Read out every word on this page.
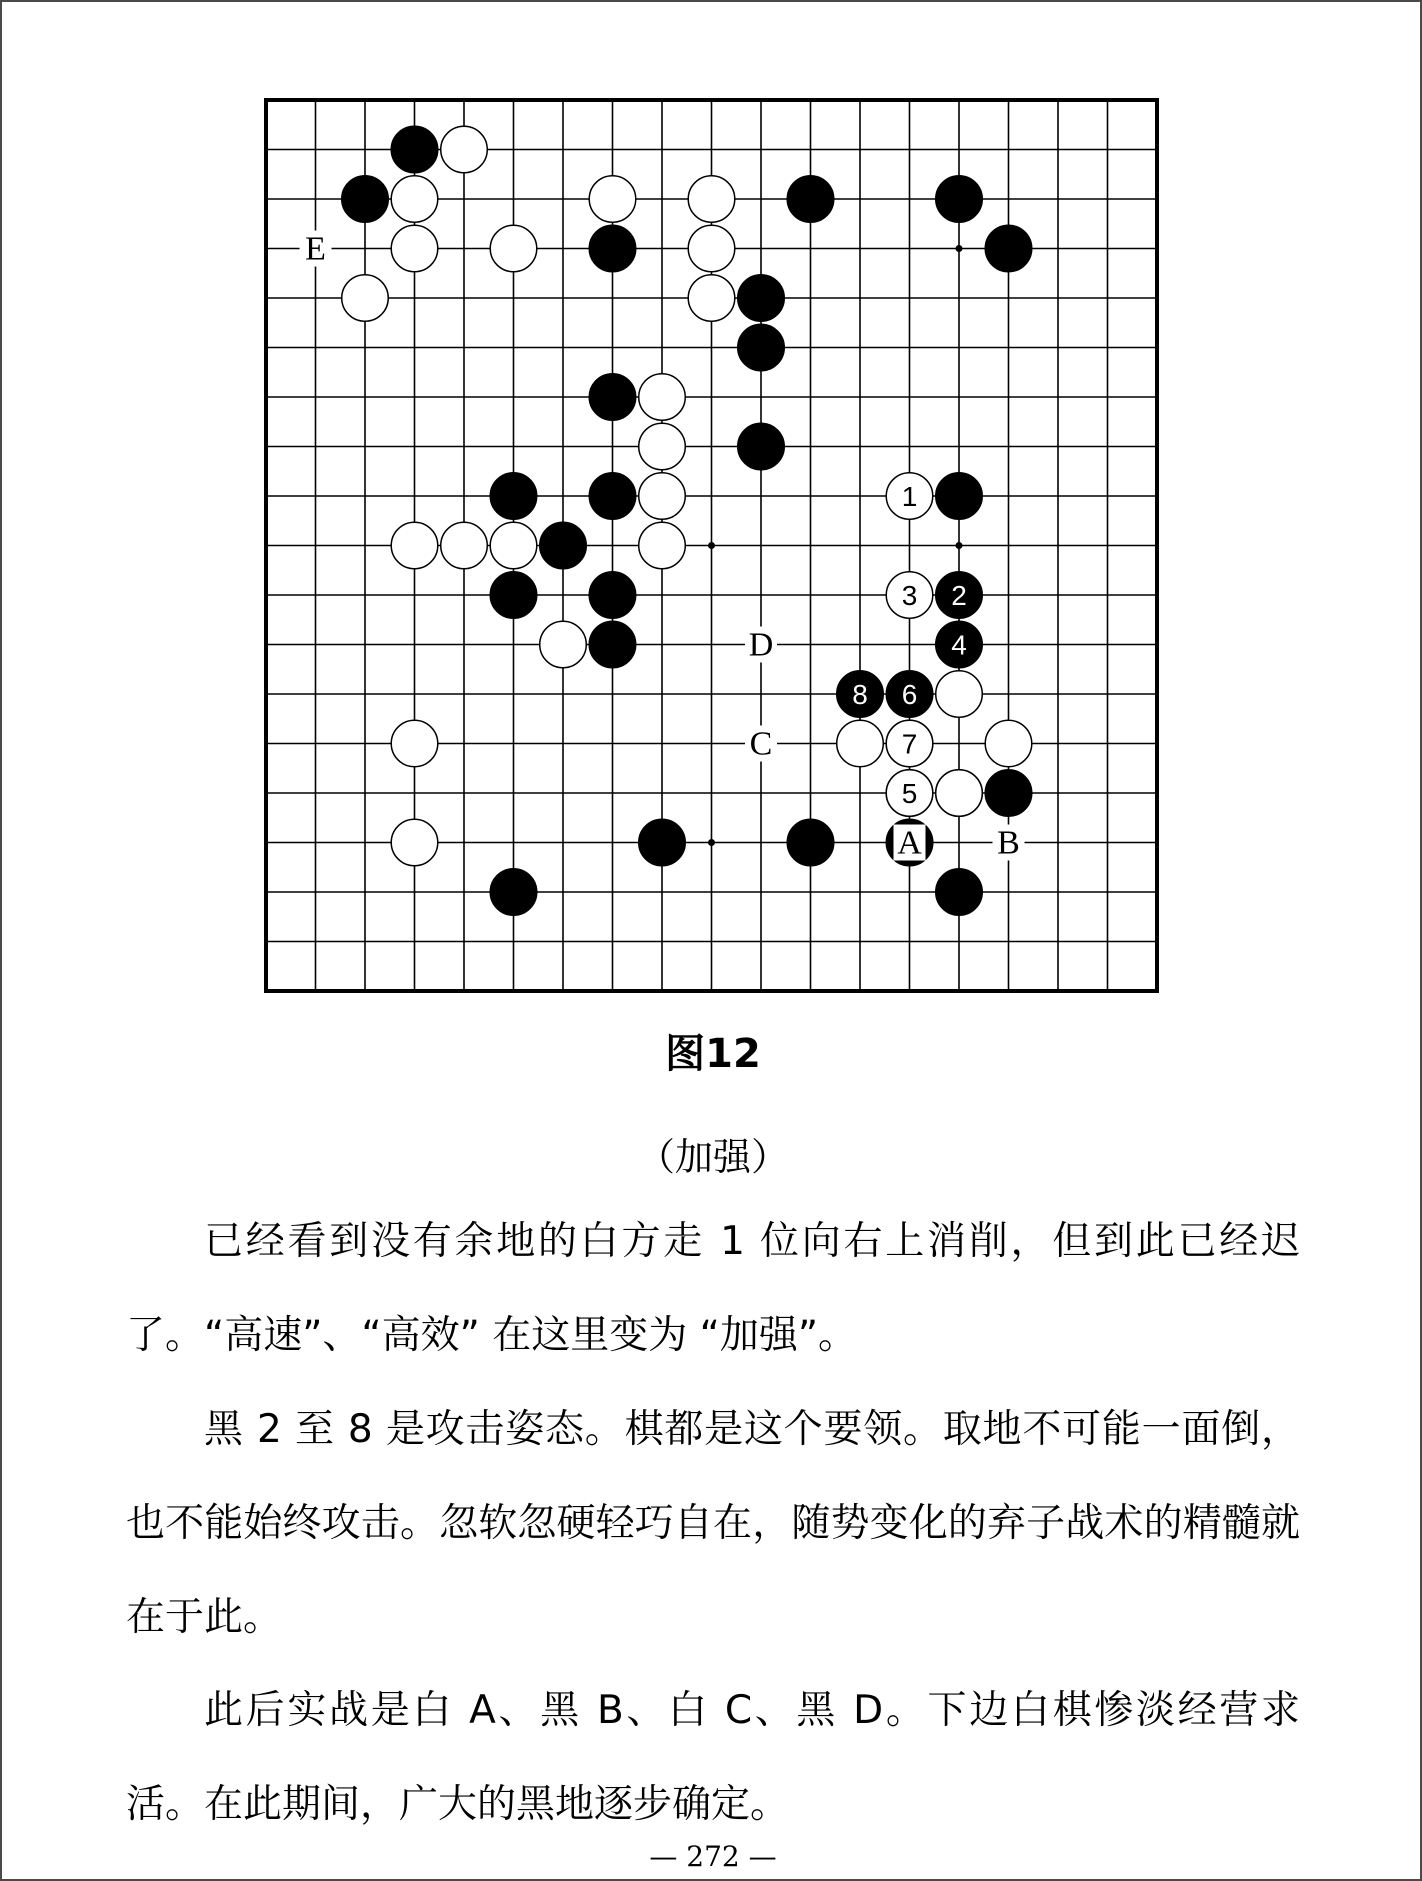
1
2
3
4
5
6
7
8
E
D
C
A B
图12
（加强）

已经看到没有余地的白方走 1 位向右上消削，但到此已经迟了。“高速”、“高效” 在这里变为 “加强”。

黑 2 至 8 是攻击姿态。棋都是这个要领。取地不可能一面倒，也不能始终攻击。忽软忽硬轻巧自在，随势变化的弃子战术的精髓就在于此。

此后实战是白 A、黑 B、白 C、黑 D。下边白棋惨淡经营求活。在此期间，广大的黑地逐步确定。

— 272 —
